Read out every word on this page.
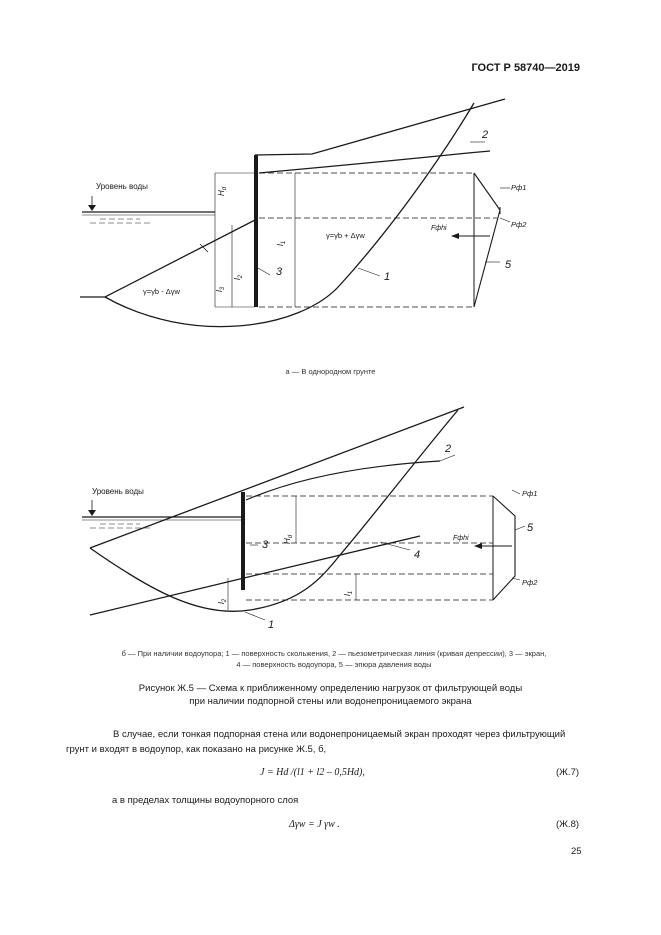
ГОСТ Р 58740—2019
Уровень воды
$H_d$
$l_1$
$l_2$
$l_3$
γ=γb + Δγw
γ=γb - Δγw
Fфhi
Pф1
Pф2
1
2
3
5
Уровень воды
$H_d$
$l_1$
$l_2$
Fфhi
Pф1
Pф2
1
2
3
4
5
а — В однородном грунте
б — При наличии водоупора; 1 — поверхность скольжения, 2 — пьезометрическая линия (кривая депрессии), 3 — экран,
4 — поверхность водоупора, 5 — эпюра давления воды
Рисунок Ж.5 — Схема к приближенному определению нагрузок от фильтрующей воды
при наличии подпорной стены или водонепроницаемого экрана
В случае, если тонкая подпорная стена или водонепроницаемый экран проходят через фильтрующий грунт и входят в водоупор, как показано на рисунке Ж.5, б,
J = Hd /(l1 + l2 – 0,5Hd),	(Ж.7)
а в пределах толщины водоупорного слоя
Δγw = J γw .	(Ж.8)
25
